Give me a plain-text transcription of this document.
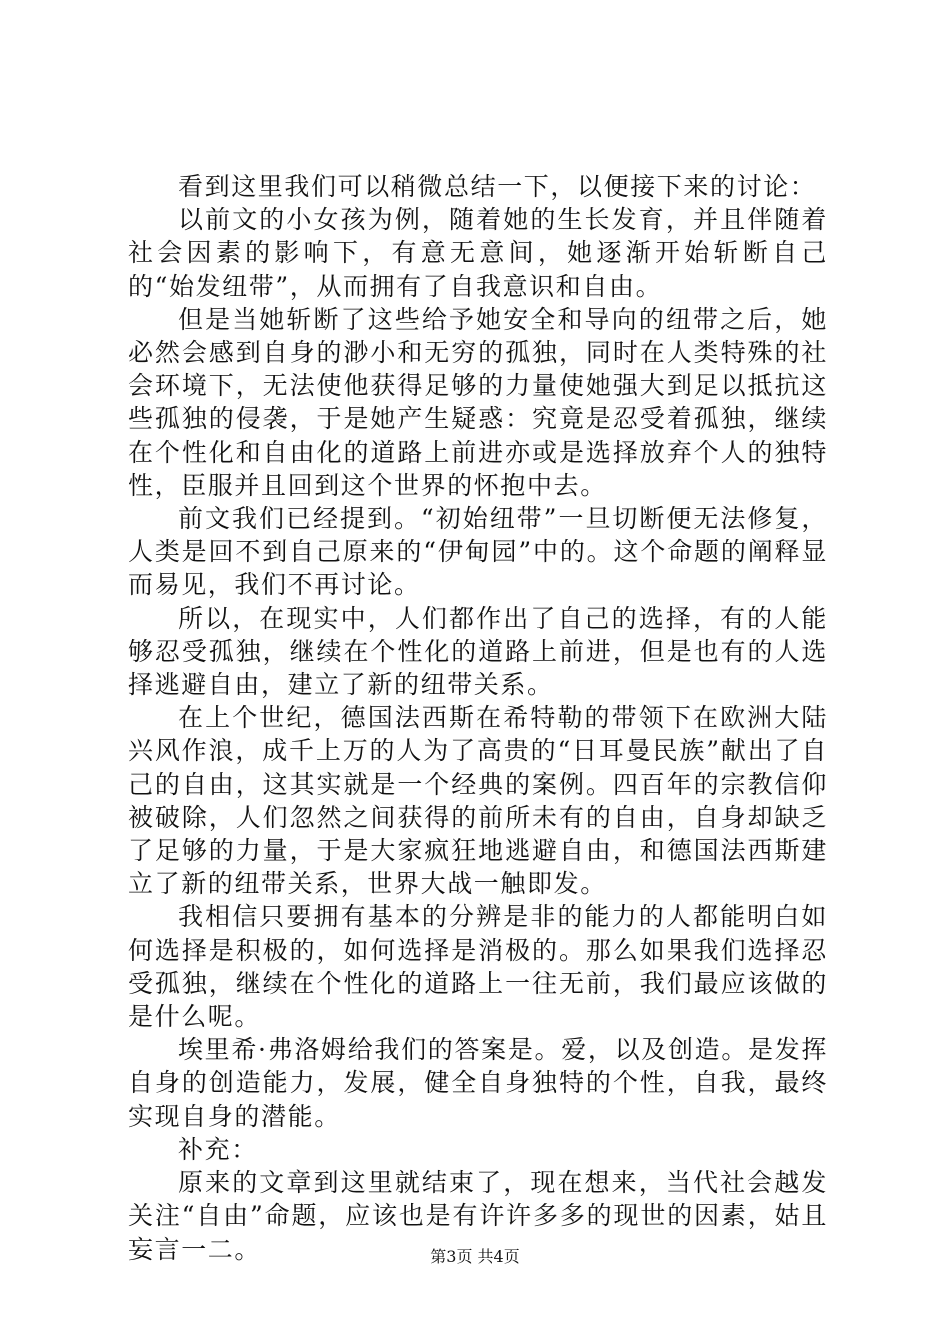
看到这里我们可以稍微总结一下，以便接下来的讨论：

以前文的小女孩为例，随着她的生长发育，并且伴随着社会因素的影响下，有意无意间，她逐渐开始斩断自己的“始发纽带”，从而拥有了自我意识和自由。

但是当她斩断了这些给予她安全和导向的纽带之后，她必然会感到自身的渺小和无穷的孤独，同时在人类特殊的社会环境下，无法使他获得足够的力量使她强大到足以抵抗这些孤独的侵袭，于是她产生疑惑：究竟是忍受着孤独，继续在个性化和自由化的道路上前进亦或是选择放弃个人的独特性，臣服并且回到这个世界的怀抱中去。

前文我们已经提到。“初始纽带”一旦切断便无法修复，人类是回不到自己原来的“伊甸园”中的。这个命题的阐释显而易见，我们不再讨论。

所以，在现实中，人们都作出了自己的选择，有的人能够忍受孤独，继续在个性化的道路上前进，但是也有的人选择逃避自由，建立了新的纽带关系。

在上个世纪，德国法西斯在希特勒的带领下在欧洲大陆兴风作浪，成千上万的人为了高贵的“日耳曼民族”献出了自己的自由，这其实就是一个经典的案例。四百年的宗教信仰被破除，人们忽然之间获得的前所未有的自由，自身却缺乏了足够的力量，于是大家疯狂地逃避自由，和德国法西斯建立了新的纽带关系，世界大战一触即发。

我相信只要拥有基本的分辨是非的能力的人都能明白如何选择是积极的，如何选择是消极的。那么如果我们选择忍受孤独，继续在个性化的道路上一往无前，我们最应该做的是什么呢。

埃里希·弗洛姆给我们的答案是。爱，以及创造。是发挥自身的创造能力，发展，健全自身独特的个性，自我，最终实现自身的潜能。

补充：

原来的文章到这里就结束了，现在想来，当代社会越发关注“自由”命题，应该也是有许许多多的现世的因素，姑且妄言一二。	第3页 共4页
